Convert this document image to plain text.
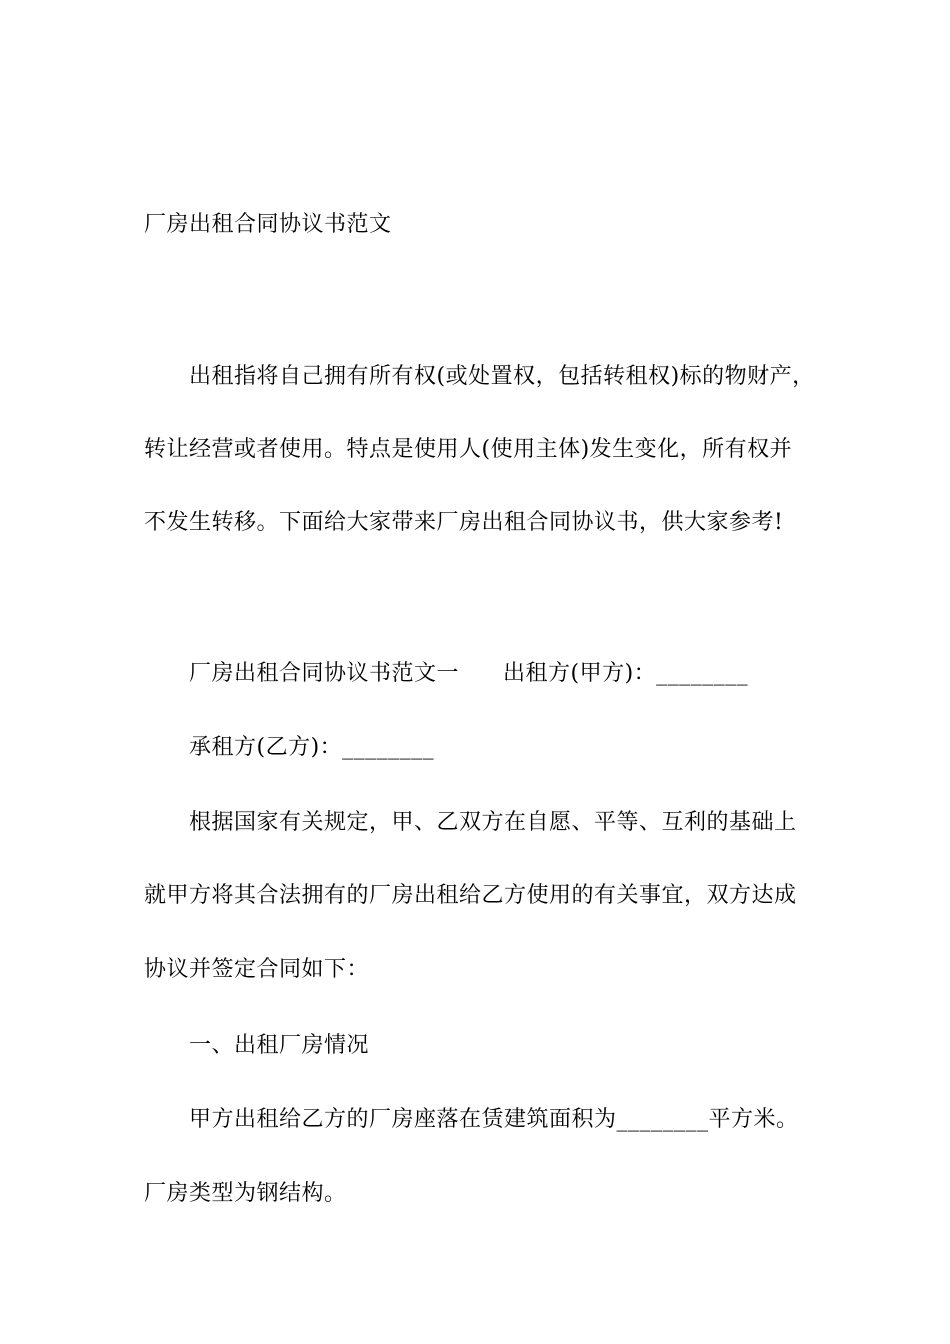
厂房出租合同协议书范文
出租指将自己拥有所有权(或处置权，包括转租权)标的物财产，
转让经营或者使用。特点是使用人(使用主体)发生变化，所有权并
不发生转移。下面给大家带来厂房出租合同协议书，供大家参考!
厂房出租合同协议书范文一 出租方(甲方)：________
承租方(乙方)：________
根据国家有关规定，甲、乙双方在自愿、平等、互利的基础上
就甲方将其合法拥有的厂房出租给乙方使用的有关事宜，双方达成
协议并签定合同如下：
一、出租厂房情况
甲方出租给乙方的厂房座落在赁建筑面积为________平方米。
厂房类型为钢结构。
